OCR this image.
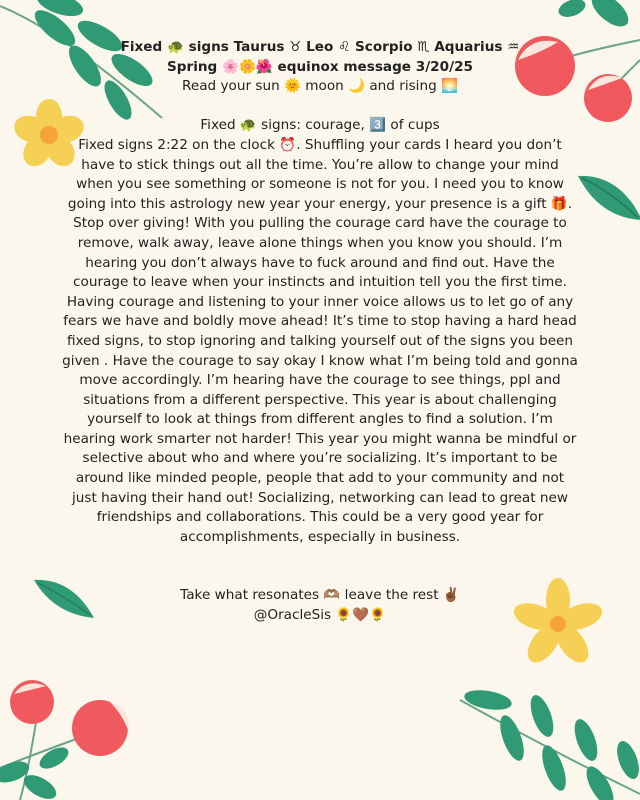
Fixed 🐢 signs Taurus ♉ Leo ♌ Scorpio ♏ Aquarius ♒

Spring 🌸🌼🌺 equinox message 3/20/25

Read your sun 🌞 moon 🌙 and rising 🌅

Fixed 🐢 signs: courage, 3️⃣ of cups

Fixed signs 2:22 on the clock ⏰. Shuffling your cards I heard you don’t have to stick things out all the time. You’re allow to change your mind when you see something or someone is not for you. I need you to know going into this astrology new year your energy, your presence is a gift 🎁. Stop over giving! With you pulling the courage card have the courage to remove, walk away, leave alone things when you know you should. I’m hearing you don’t always have to fuck around and find out. Have the courage to leave when your instincts and intuition tell you the first time. Having courage and listening to your inner voice allows us to let go of any fears we have and boldly move ahead! It’s time to stop having a hard head fixed signs, to stop ignoring and talking yourself out of the signs you been given . Have the courage to say okay I know what I’m being told and gonna move accordingly. I’m hearing have the courage to see things, ppl and situations from a different perspective. This year is about challenging yourself to look at things from different angles to find a solution. I’m hearing work smarter not harder! This year you might wanna be mindful or selective about who and where you’re socializing. It’s important to be around like minded people, people that add to your community and not just having their hand out! Socializing, networking can lead to great new friendships and collaborations. This could be a very good year for accomplishments, especially in business.

Take what resonates 🫶🏽 leave the rest ✌🏾

@OracleSis 🌻🤎🌻
